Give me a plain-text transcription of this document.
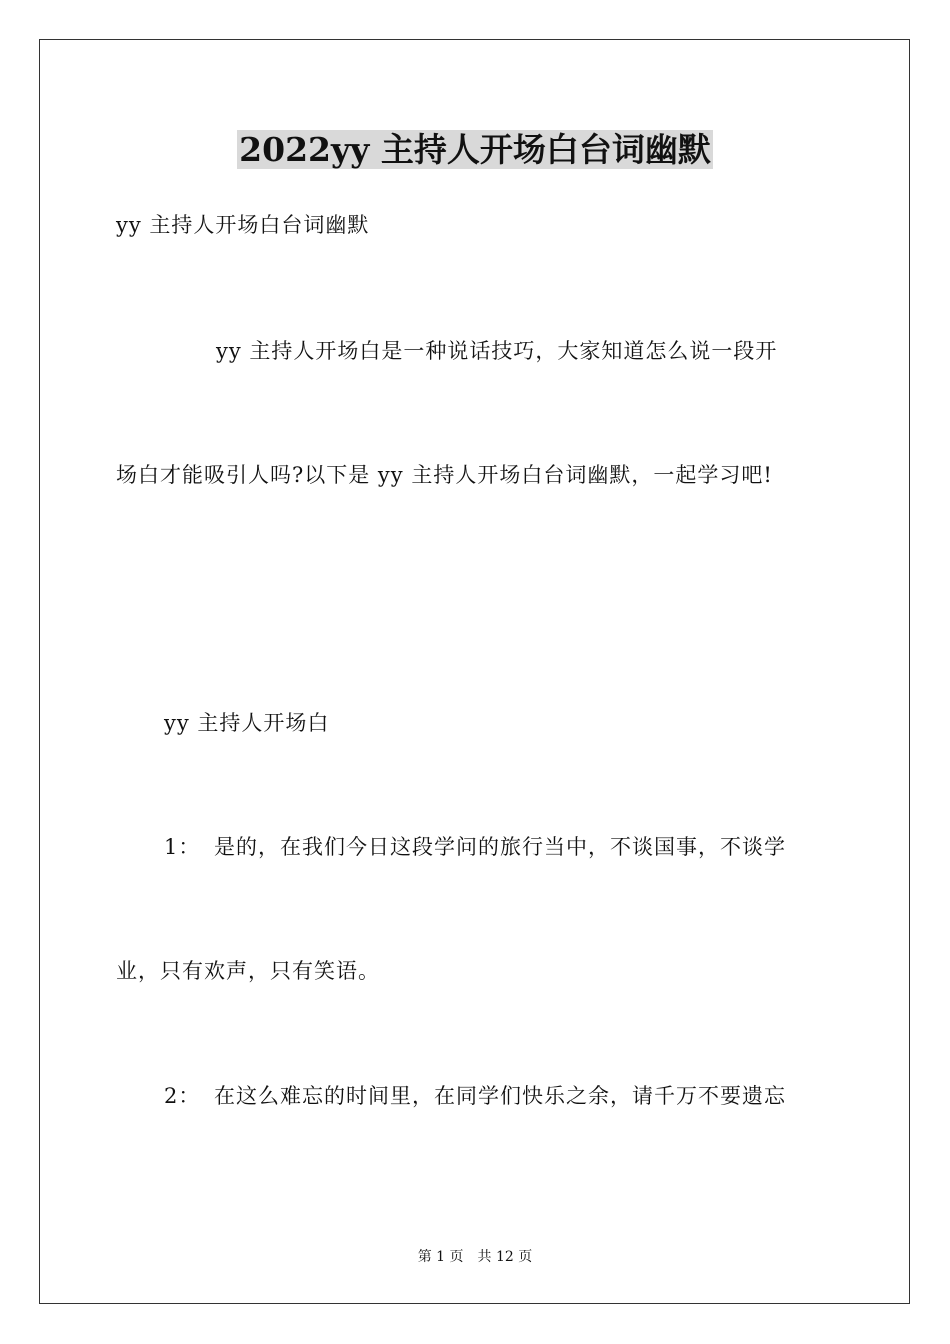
2022yy 主持人开场白台词幽默
yy 主持人开场白台词幽默
yy 主持人开场白是一种说话技巧，大家知道怎么说一段开
场白才能吸引人吗?以下是 yy 主持人开场白台词幽默，一起学习吧!
yy 主持人开场白
1： 是的，在我们今日这段学问的旅行当中，不谈国事，不谈学
业，只有欢声，只有笑语。
2： 在这么难忘的时间里，在同学们快乐之余，请千万不要遗忘
第 1 页 共 12 页
